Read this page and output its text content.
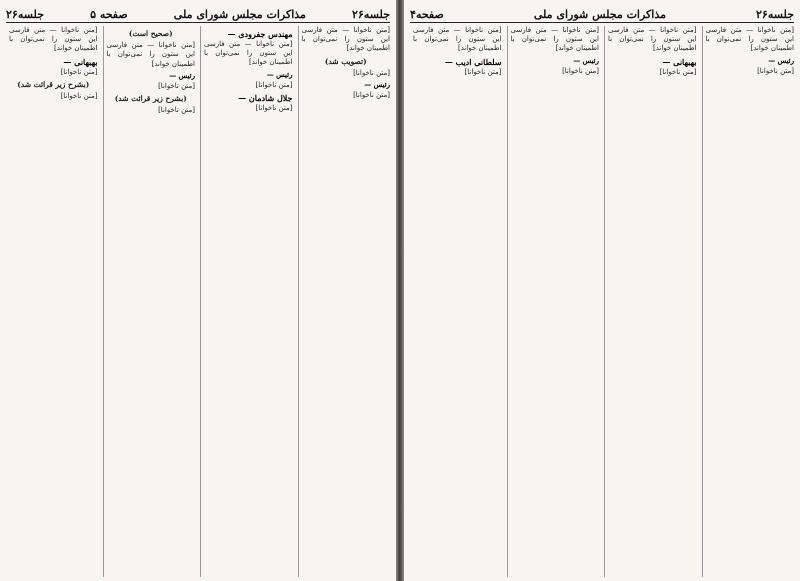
جلسه۲۶
مذاکرات مجلس شورای ملی
صفحه ۵
جلسه۲۶

[متن ناخوانا — متن فارسی این ستون را نمی‌توان با اطمینان خواند]

(تصویب شد)

[متن ناخوانا]

رئیس —

[متن ناخوانا]

مهندس جفرودی —

[متن ناخوانا — متن فارسی این ستون را نمی‌توان با اطمینان خواند]

رئیس —

[متن ناخوانا]

جلال شادمان —

[متن ناخوانا]

(صحیح است)

[متن ناخوانا — متن فارسی این ستون را نمی‌توان با اطمینان خواند]

رئیس —

[متن ناخوانا]

(بشرح زیر قرائت شد)

[متن ناخوانا]

[متن ناخوانا — متن فارسی این ستون را نمی‌توان با اطمینان خواند]

بهبهانی —

[متن ناخوانا]

(بشرح زیر قرائت شد)

[متن ناخوانا]

جلسه۲۶
مذاکرات مجلس شورای ملی
صفحه۴

[متن ناخوانا — متن فارسی این ستون را نمی‌توان با اطمینان خواند]

رئیس —

[متن ناخوانا]

[متن ناخوانا — متن فارسی این ستون را نمی‌توان با اطمینان خواند]

بهبهانی —

[متن ناخوانا]

[متن ناخوانا — متن فارسی این ستون را نمی‌توان با اطمینان خواند]

رئیس —

[متن ناخوانا]

[متن ناخوانا — متن فارسی این ستون را نمی‌توان با اطمینان خواند]

سلطانی ادیب —

[متن ناخوانا]
